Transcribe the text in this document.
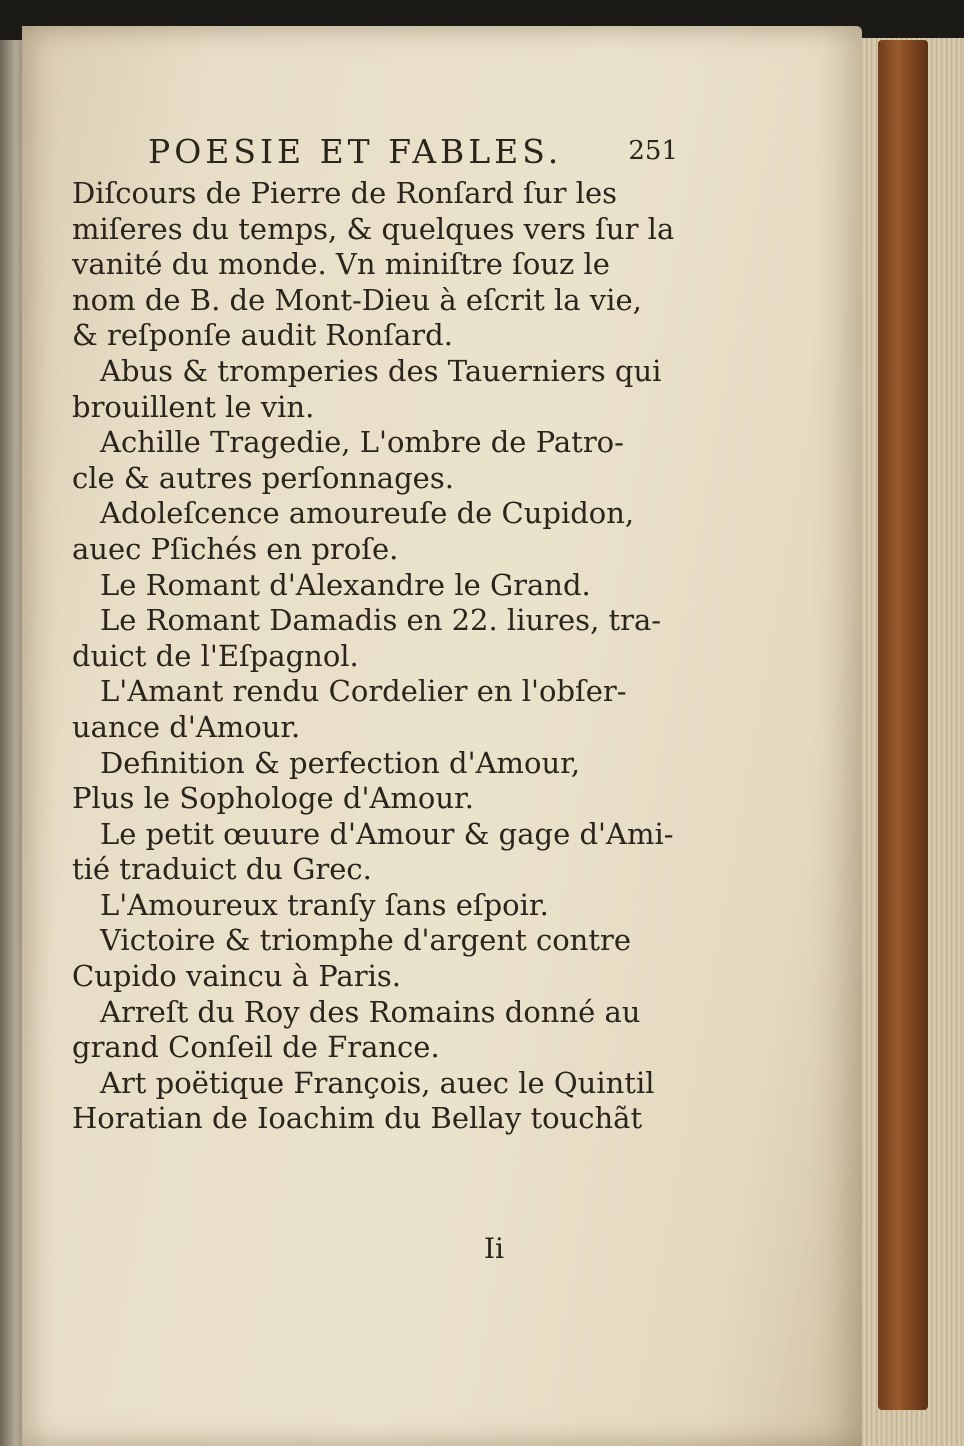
POESIE ET FABLES.	251
Diſcours de Pierre de Ronſard ſur les
miſeres du temps, & quelques vers ſur la
vanité du monde. Vn miniſtre ſouz le
nom de B. de Mont-Dieu à eſcrit la vie,
& reſponſe audit Ronſard.
Abus & tromperies des Tauerniers qui
brouillent le vin.
Achille Tragedie, L'ombre de Patro-
cle & autres perſonnages.
Adoleſcence amoureuſe de Cupidon,
auec Pſichés en proſe.
Le Romant d'Alexandre le Grand.
Le Romant Damadis en 22. liures, tra-
duict de l'Eſpagnol.
L'Amant rendu Cordelier en l'obſer-
uance d'Amour.
Definition & perfection d'Amour,
Plus le Sophologe d'Amour.
Le petit œuure d'Amour & gage d'Ami-
tié traduict du Grec.
L'Amoureux tranſy ſans eſpoir.
Victoire & triomphe d'argent contre
Cupido vaincu à Paris.
Arreſt du Roy des Romains donné au
grand Conſeil de France.
Art poëtique François, auec le Quintil
Horatian de Ioachim du Bellay touchãt
Ii
